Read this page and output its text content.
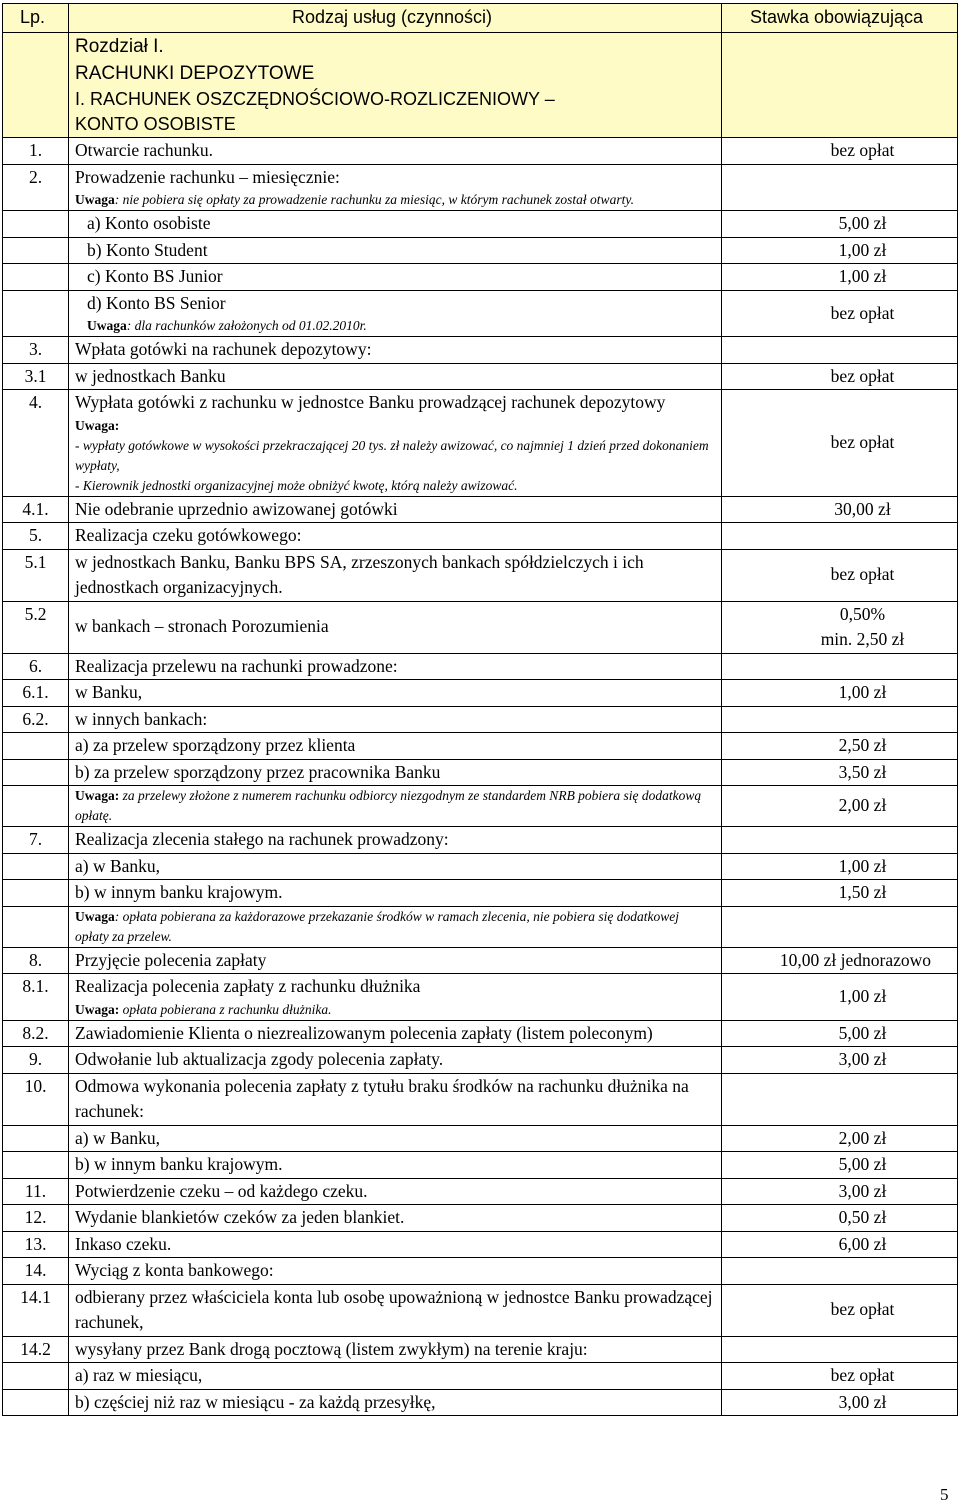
Lp.	Rodzaj usług (czynności)	Stawka obowiązująca

	Rozdział I.
RACHUNKI DEPOZYTOWE
I. RACHUNEK OSZCZĘDNOŚCIOWO-ROZLICZENIOWY –
KONTO OSOBISTE	

1.	Otwarcie rachunku.	bez opłat
2.	Prowadzenie rachunku – miesięcznie:
Uwaga: nie pobiera się opłaty za prowadzenie rachunku za miesiąc, w którym rachunek został otwarty.	

	a) Konto osobiste	5,00 zł
	b) Konto Student	1,00 zł
	c) Konto BS Junior	1,00 zł

	d) Konto BS Senior
Uwaga: dla rachunków założonych od 01.02.2010r.	bez opłat
3.	Wpłata gotówki na rachunek depozytowy:	
3.1	w jednostkach Banku	bez opłat
4.	Wypłata gotówki z rachunku w jednostce Banku prowadzącej rachunek depozytowy
Uwaga:
- wypłaty gotówkowe w wysokości przekraczającej 20 tys. zł należy awizować, co najmniej 1 dzień przed dokonaniem wypłaty,
- Kierownik jednostki organizacyjnej może obniżyć kwotę, którą należy awizować.	bez opłat
4.1.	Nie odebranie uprzednio awizowanej gotówki	30,00 zł
5.	Realizacja czeku gotówkowego:	
5.1	w jednostkach Banku, Banku BPS SA, zrzeszonych bankach spółdzielczych i ich jednostkach organizacyjnych.	bez opłat
5.2	w bankach – stronach Porozumienia	0,50%
min. 2,50 zł

6.	Realizacja przelewu na rachunki prowadzone:	
6.1.	w Banku,	1,00 zł
6.2.	w innych bankach:	
	a) za przelew sporządzony przez klienta	2,50 zł
	b) za przelew sporządzony przez pracownika Banku	3,50 zł

	Uwaga: za przelewy złożone z numerem rachunku odbiorcy niezgodnym ze standardem NRB pobiera się dodatkową opłatę.	2,00 zł
7.	Realizacja zlecenia stałego na rachunek prowadzony:	
	a) w Banku,	1,00 zł
	b) w innym banku krajowym.	1,50 zł

	Uwaga: opłata pobierana za każdorazowe przekazanie środków w ramach zlecenia, nie pobiera się dodatkowej opłaty za przelew.	

8.	Przyjęcie polecenia zapłaty	10,00 zł jednorazowo
8.1.	Realizacja polecenia zapłaty z rachunku dłużnika
Uwaga: opłata pobierana z rachunku dłużnika.	1,00 zł
8.2.	Zawiadomienie Klienta o niezrealizowanym polecenia zapłaty (listem poleconym)	5,00 zł
9.	Odwołanie lub aktualizacja zgody polecenia zapłaty.	3,00 zł
10.	Odmowa wykonania polecenia zapłaty z tytułu braku środków na rachunku dłużnika na rachunek:	
	a) w Banku,	2,00 zł
	b) w innym banku krajowym.	5,00 zł
11.	Potwierdzenie czeku – od każdego czeku.	3,00 zł
12.	Wydanie blankietów czeków za jeden blankiet.	0,50 zł
13.	Inkaso czeku.	6,00 zł
14.	Wyciąg z konta bankowego:	
14.1	odbierany przez właściciela konta lub osobę upoważnioną w jednostce Banku prowadzącej rachunek,	bez opłat
14.2	wysyłany przez Bank drogą pocztową (listem zwykłym) na terenie kraju:	
	a) raz w miesiącu,	bez opłat
	b) częściej niż raz w miesiącu - za każdą przesyłkę,	3,00 zł
5
